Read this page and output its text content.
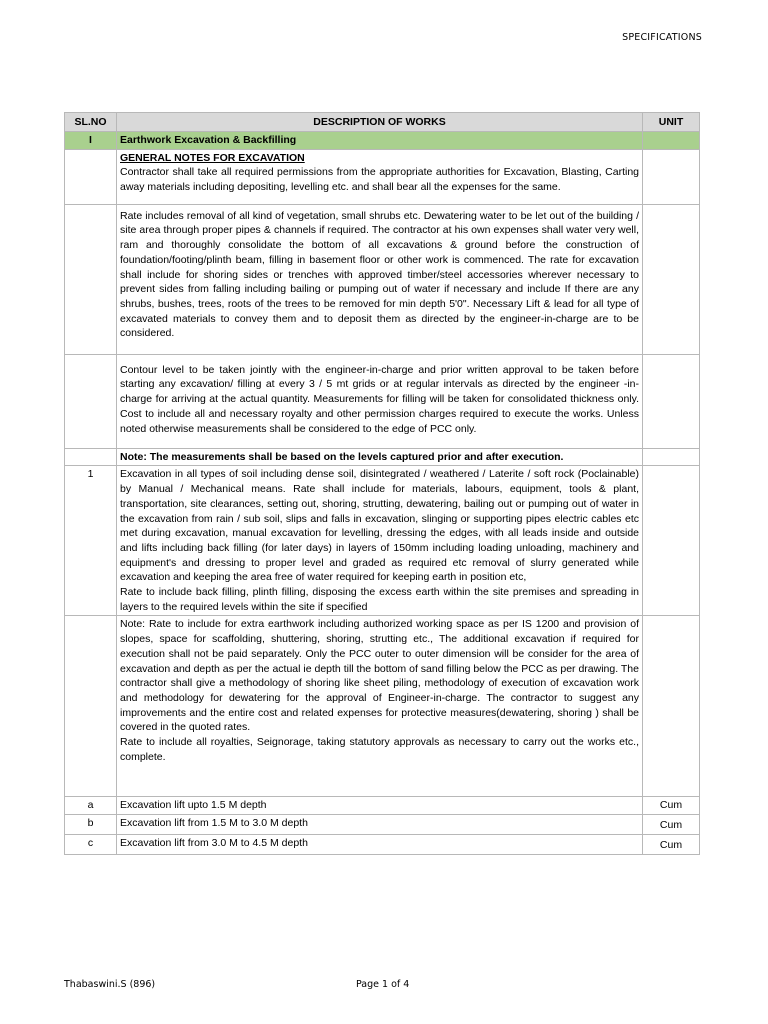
SPECIFICATIONS
SL.NO	DESCRIPTION OF WORKS	UNIT
I	Earthwork Excavation & Backfilling	

	GENERAL NOTES FOR EXCAVATION
Contractor shall take all required permissions from the appropriate authorities for Excavation, Blasting, Carting away materials including depositing, levelling etc. and shall bear all the expenses for the same.	

	Rate includes removal of all kind of vegetation, small shrubs etc. Dewatering water to be let out of the building / site area through proper pipes & channels if required. The contractor at his own expenses shall water very well, ram and thoroughly consolidate the bottom of all excavations & ground before the construction of foundation/footing/plinth beam, filling in basement floor or other work is commenced. The rate for excavation shall include for shoring sides or trenches with approved timber/steel accessories wherever necessary to prevent sides from falling including bailing or pumping out of water if necessary and include If there are any shrubs, bushes, trees, roots of the trees to be removed for min depth 5'0". Necessary Lift & lead for all type of excavated materials to convey them and to deposit them as directed by the engineer-in-charge are to be considered.	

	Contour level to be taken jointly with the engineer-in-charge and prior written approval to be taken before starting any excavation/ filling at every 3 / 5 mt grids or at regular intervals as directed by the engineer -in-charge for arriving at the actual quantity. Measurements for filling will be taken for consolidated thickness only. Cost to include all and necessary royalty and other permission charges required to execute the works. Unless noted otherwise measurements shall be considered to the edge of PCC only.	

	Note: The measurements shall be based on the levels captured prior and after execution.	
1	Excavation in all types of soil including dense soil, disintegrated / weathered / Laterite / soft rock (Poclainable) by Manual / Mechanical means. Rate shall include for materials, labours, equipment, tools & plant, transportation, site clearances, setting out, shoring, strutting, dewatering, bailing out or pumping out of water in the excavation from rain / sub soil, slips and falls in excavation, slinging or supporting pipes electric cables etc met during excavation, manual excavation for levelling, dressing the edges, with all leads inside and outside and lifts including back filling (for later days) in layers of 150mm including loading unloading, machinery and equipment's and dressing to proper level and graded as required etc removal of slurry generated while excavation and keeping the area free of water required for keeping earth in position etc,
Rate to include back filling, plinth filling, disposing the excess earth within the site premises and spreading in layers to the required levels within the site if specified	

	Note: Rate to include for extra earthwork including authorized working space as per IS 1200 and provision of slopes, space for scaffolding, shuttering, shoring, strutting etc., The additional excavation if required for execution shall not be paid separately. Only the PCC outer to outer dimension will be consider for the area of excavation and depth as per the actual ie depth till the bottom of sand filling below the PCC as per drawing. The contractor shall give a methodology of shoring like sheet piling, methodology of execution of excavation work and methodology for dewatering for the approval of Engineer-in-charge. The contractor to suggest any improvements and the entire cost and related expenses for protective measures(dewatering, shoring ) shall be covered in the quoted rates.
Rate to include all royalties, Seignorage, taking statutory approvals as necessary to carry out the works etc., complete.	

a	Excavation lift upto 1.5 M depth	Cum
b	Excavation lift from 1.5 M to 3.0 M depth	Cum
c	Excavation lift from 3.0 M to 4.5 M depth	Cum
Thabaswini.S (896)	Page 1 of 4
